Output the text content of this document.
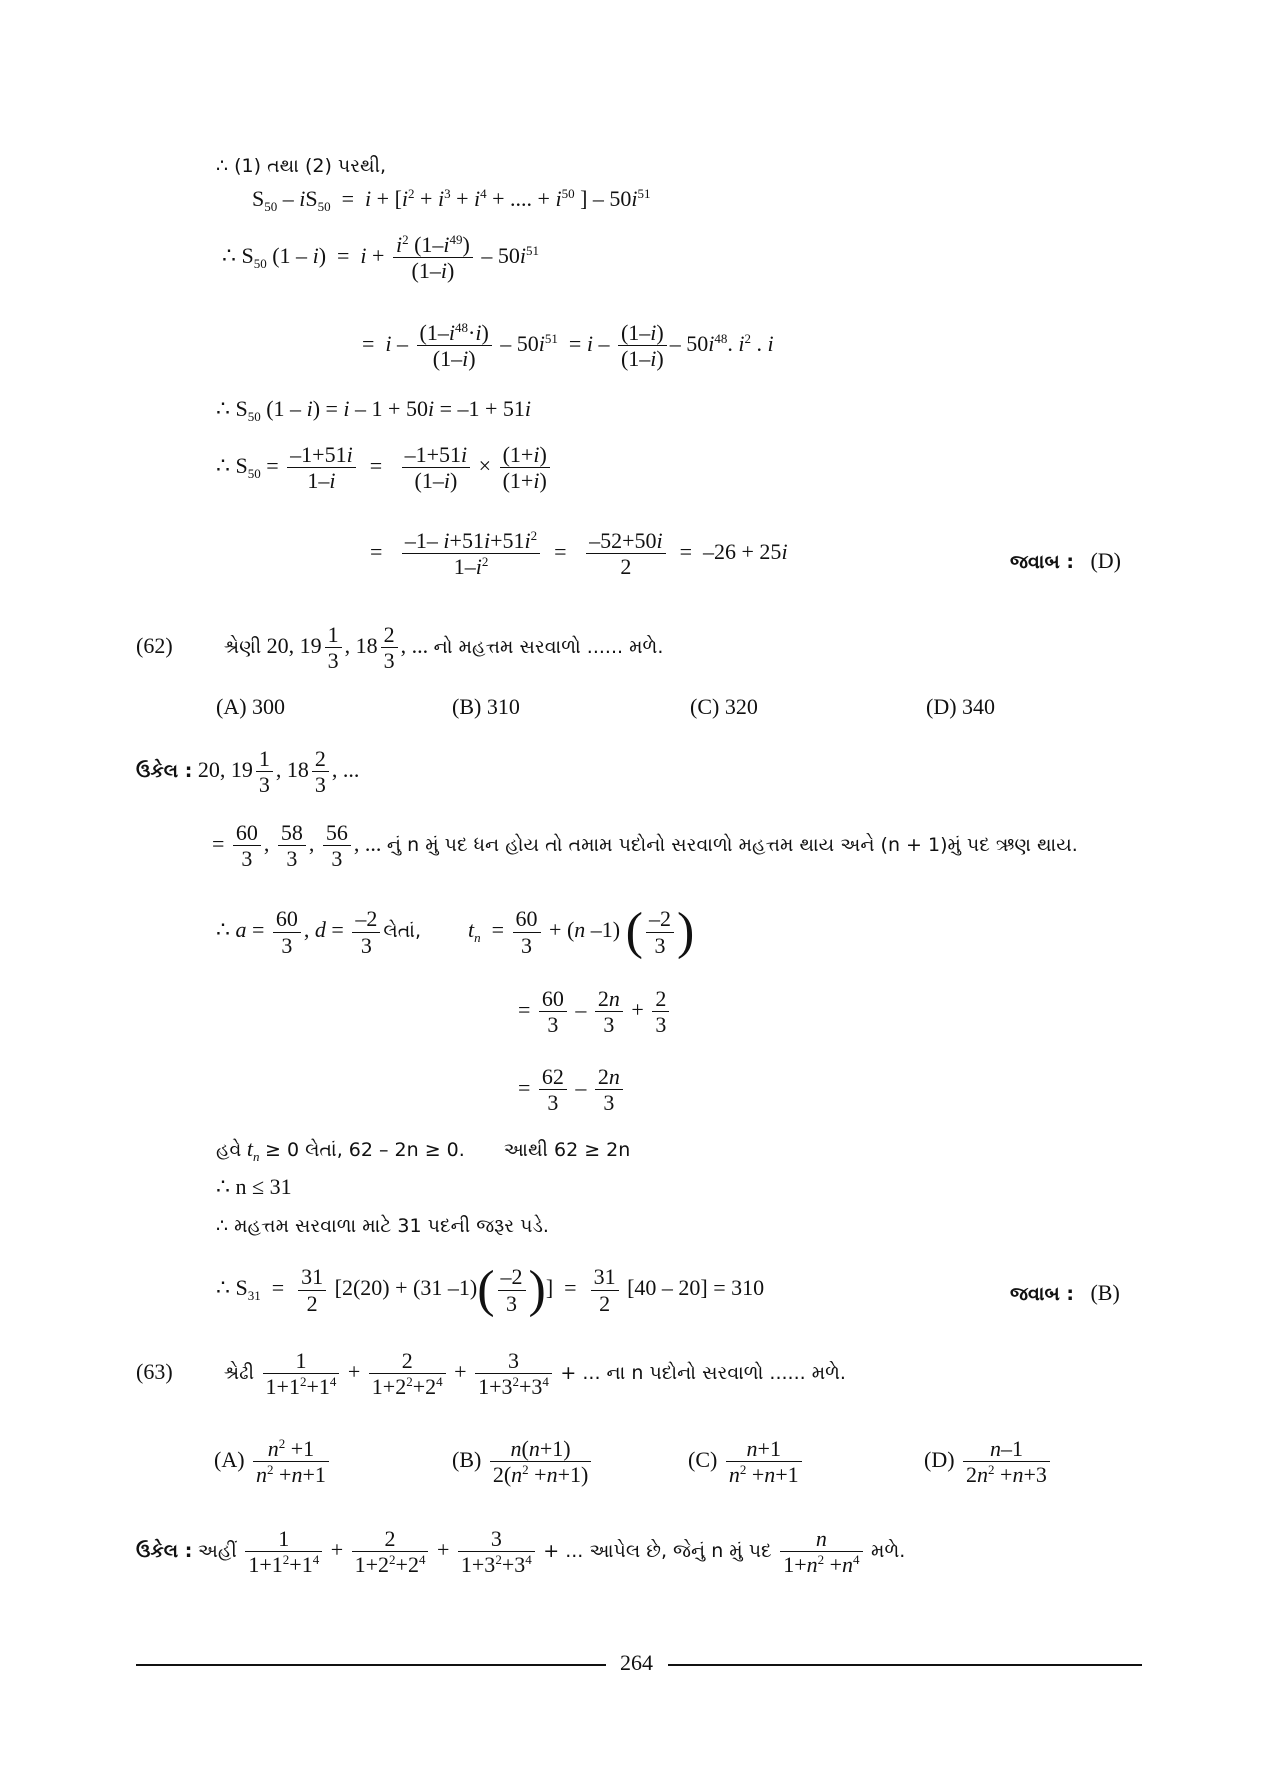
∴ (1) તથા (2) પરથી,
$S_{50} - iS_{50} = i + [i^2 + i^3 + i^4$ + .... + $i^{50}$ ] – $50i^{51}$
∴ $S_{50}$ $(1 - i) = i + \frac{i^2 (1-i^{49})}{(1-i)} - 50i^{51}$
=  $i - \frac{(1-i^{48}\cdot i)}{(1-i)} - 50i^{51} = i - \frac{(1-i)}{(1-i)} - 50i^{48}$. $i^2$ . i
∴ $S_{50}$ (1 – i) = i – 1 + 50i = –1 + 51i
∴ $S_{50} = \frac{-1+51i}{1-i} = \frac{-1+51i}{(1-i)} \times \frac{(1+i)}{(1+i)}$
= $\frac{-1- i+51i+51i^2}{1-i^2} = \frac{-52+50i}{2} = -26 + 25i$	જવાબ : (D)
(62)	શ્રેણી 20, $19 \frac{1}{3}$ , $18 \frac{2}{3}$ , ... નો મહત્તમ સરવાળો ...... મળે.
(A) 300	(B) 310	(C) 320	(D) 340
ઉકેલ : 20, $19 \frac{1}{3}$ , $18 \frac{2}{3}$ , ...
= $\frac{60}{3}$ , $\frac{58}{3}$ , $\frac{56}{3}$ , ... નું n મું પદ ધન હોય તો તમામ પદોનો સરવાળો મહત્તમ થાય અને (n + 1)મું પદ ઋણ થાય.
∴ $a = \frac{60}{3}$ , $d = \frac{-2}{3}$ લેતાં, $t_n = \frac{60}{3} + (n$ –1) ( $\frac{-2}{3}$ )
= $\frac{60}{3} - \frac{2n}{3} + \frac{2}{3}$
= $\frac{62}{3} - \frac{2n}{3}$
હવે $t_n \ge 0$ લેતાં, 62 – 2n ≥ 0. આથી 62 ≥ 2n
∴ n ≤ 31
∴ મહત્તમ સરવાળા માટે 31 પદની જરૂર પડે.
∴ $S_{31} = \frac{31}{2} [2(20) + (31$ $-1)( \frac{-2}{3}$ )]  = $\frac{31}{2} [40 - 20] = 310$	જવાબ : (B)
(63)	શ્રેઢી $\frac{1}{1+1^2+1^4} + \frac{2}{1+2^2+2^4} + \frac{3}{1+3^2+3^4}$ + ... ના n પદોનો સરવાળો ...... મળે.
$(A) \frac{n^2 +1}{n^2 +n+1}$	$(B) \frac{n(n+1)}{2(n^2 +n+1)}$	$(C) \frac{n+1}{n^2 +n+1}$	$(D) \frac{n-1}{2n^2 +n+3}$
ઉકેલ : અહીં $\frac{1}{1+1^2+1^4} + \frac{2}{1+2^2+2^4} + \frac{3}{1+3^2+3^4}$ + ... આપેલ છે, જેનું n મું પદ $\frac{n}{1+n^2 +n^4}$ મળે.
264
